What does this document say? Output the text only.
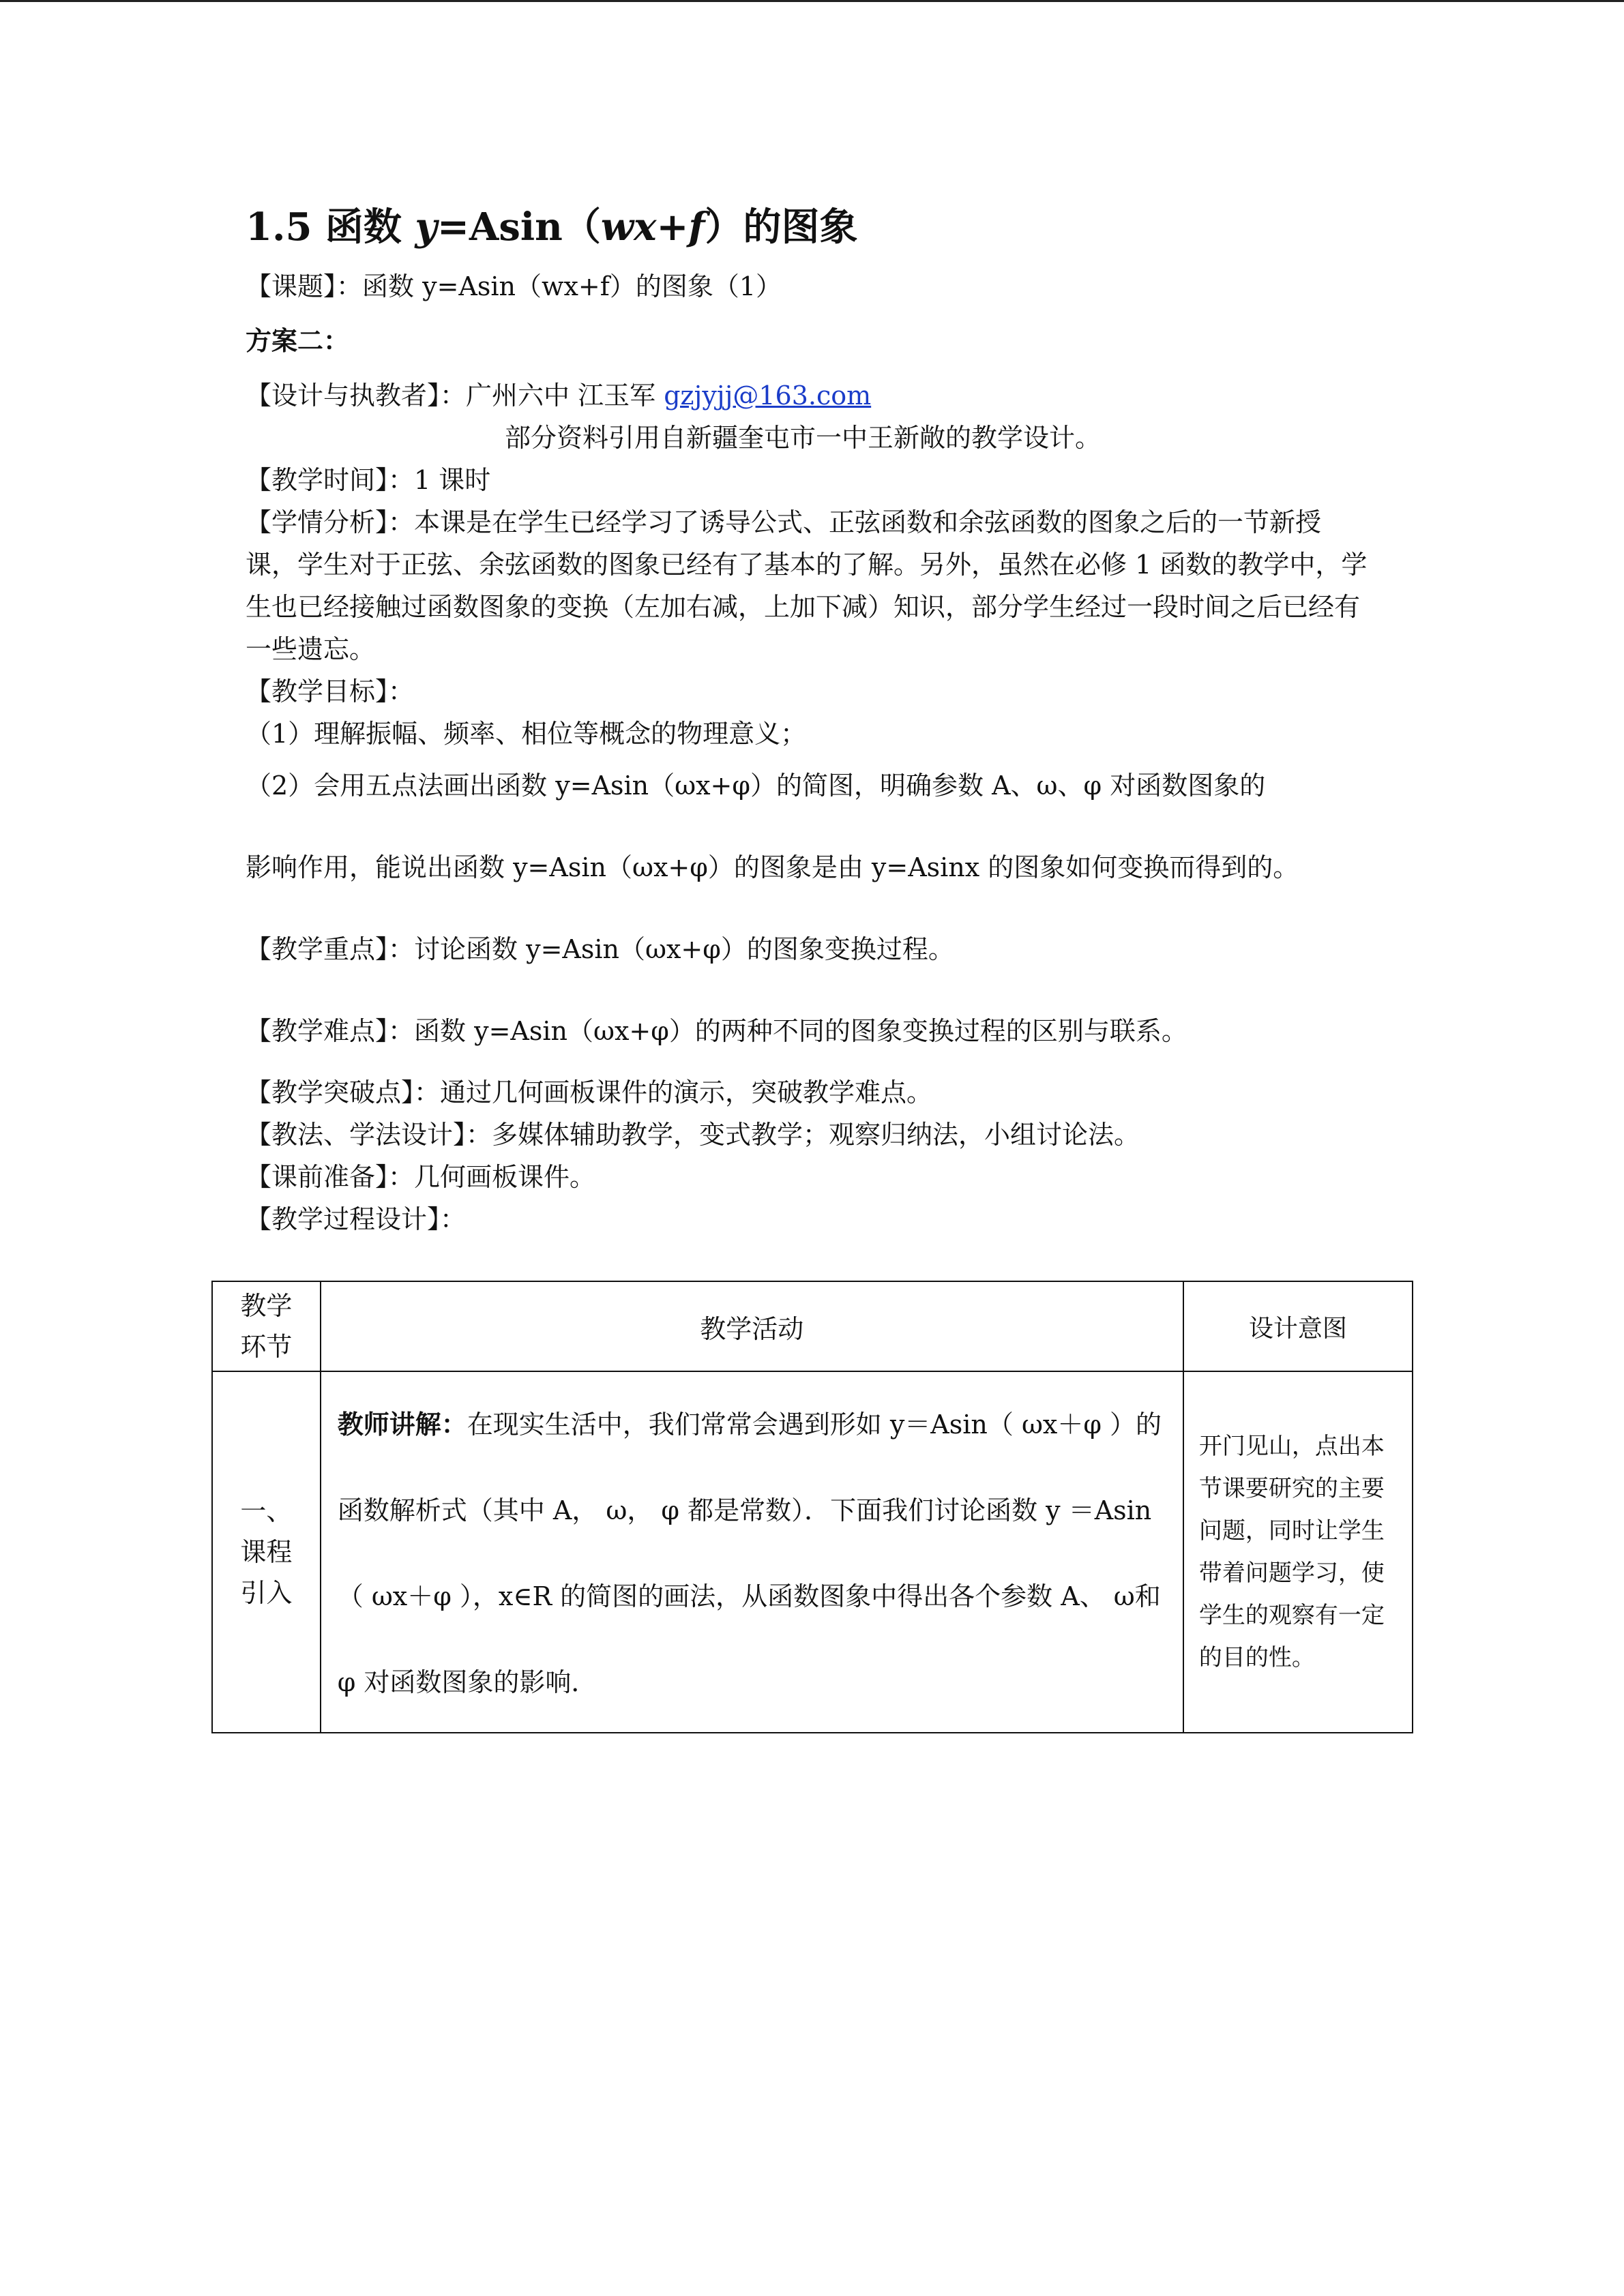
1.5 函数 y=Asin（wx+f）的图象

【课题】：函数 y=Asin（wx+f）的图象（1）

方案二：

【设计与执教者】：广州六中 江玉军 gzjyjj@163.com

部分资料引用自新疆奎屯市一中王新敞的教学设计。

【教学时间】：1 课时

【学情分析】：本课是在学生已经学习了诱导公式、正弦函数和余弦函数的图象之后的一节新授课，学生对于正弦、余弦函数的图象已经有了基本的了解。另外，虽然在必修 1 函数的教学中，学生也已经接触过函数图象的变换（左加右减，上加下减）知识，部分学生经过一段时间之后已经有一些遗忘。

【教学目标】：

（1）理解振幅、频率、相位等概念的物理意义；

（2）会用五点法画出函数 y=Asin（ωx+φ）的简图，明确参数 A、ω、φ 对函数图象的

影响作用，能说出函数 y=Asin（ωx+φ）的图象是由 y=Asinx 的图象如何变换而得到的。

【教学重点】：讨论函数 y=Asin（ωx+φ）的图象变换过程。

【教学难点】：函数 y=Asin（ωx+φ）的两种不同的图象变换过程的区别与联系。

【教学突破点】：通过几何画板课件的演示，突破教学难点。

【教法、学法设计】：多媒体辅助教学，变式教学；观察归纳法，小组讨论法。

【课前准备】：几何画板课件。

【教学过程设计】：

教学
环节	教学活动	设计意图
一、
课程
引入	教师讲解：在现实生活中，我们常常会遇到形如 y＝Asin（ ωx＋φ ）的函数解析式（其中 A， ω， φ 都是常数）．下面我们讨论函数 y ＝Asin（ ωx＋φ ），x∈R 的简图的画法，从函数图象中得出各个参数 A、 ω和 φ 对函数图象的影响．	开门见山，点出本节课要研究的主要问题，同时让学生带着问题学习，使学生的观察有一定的目的性。
